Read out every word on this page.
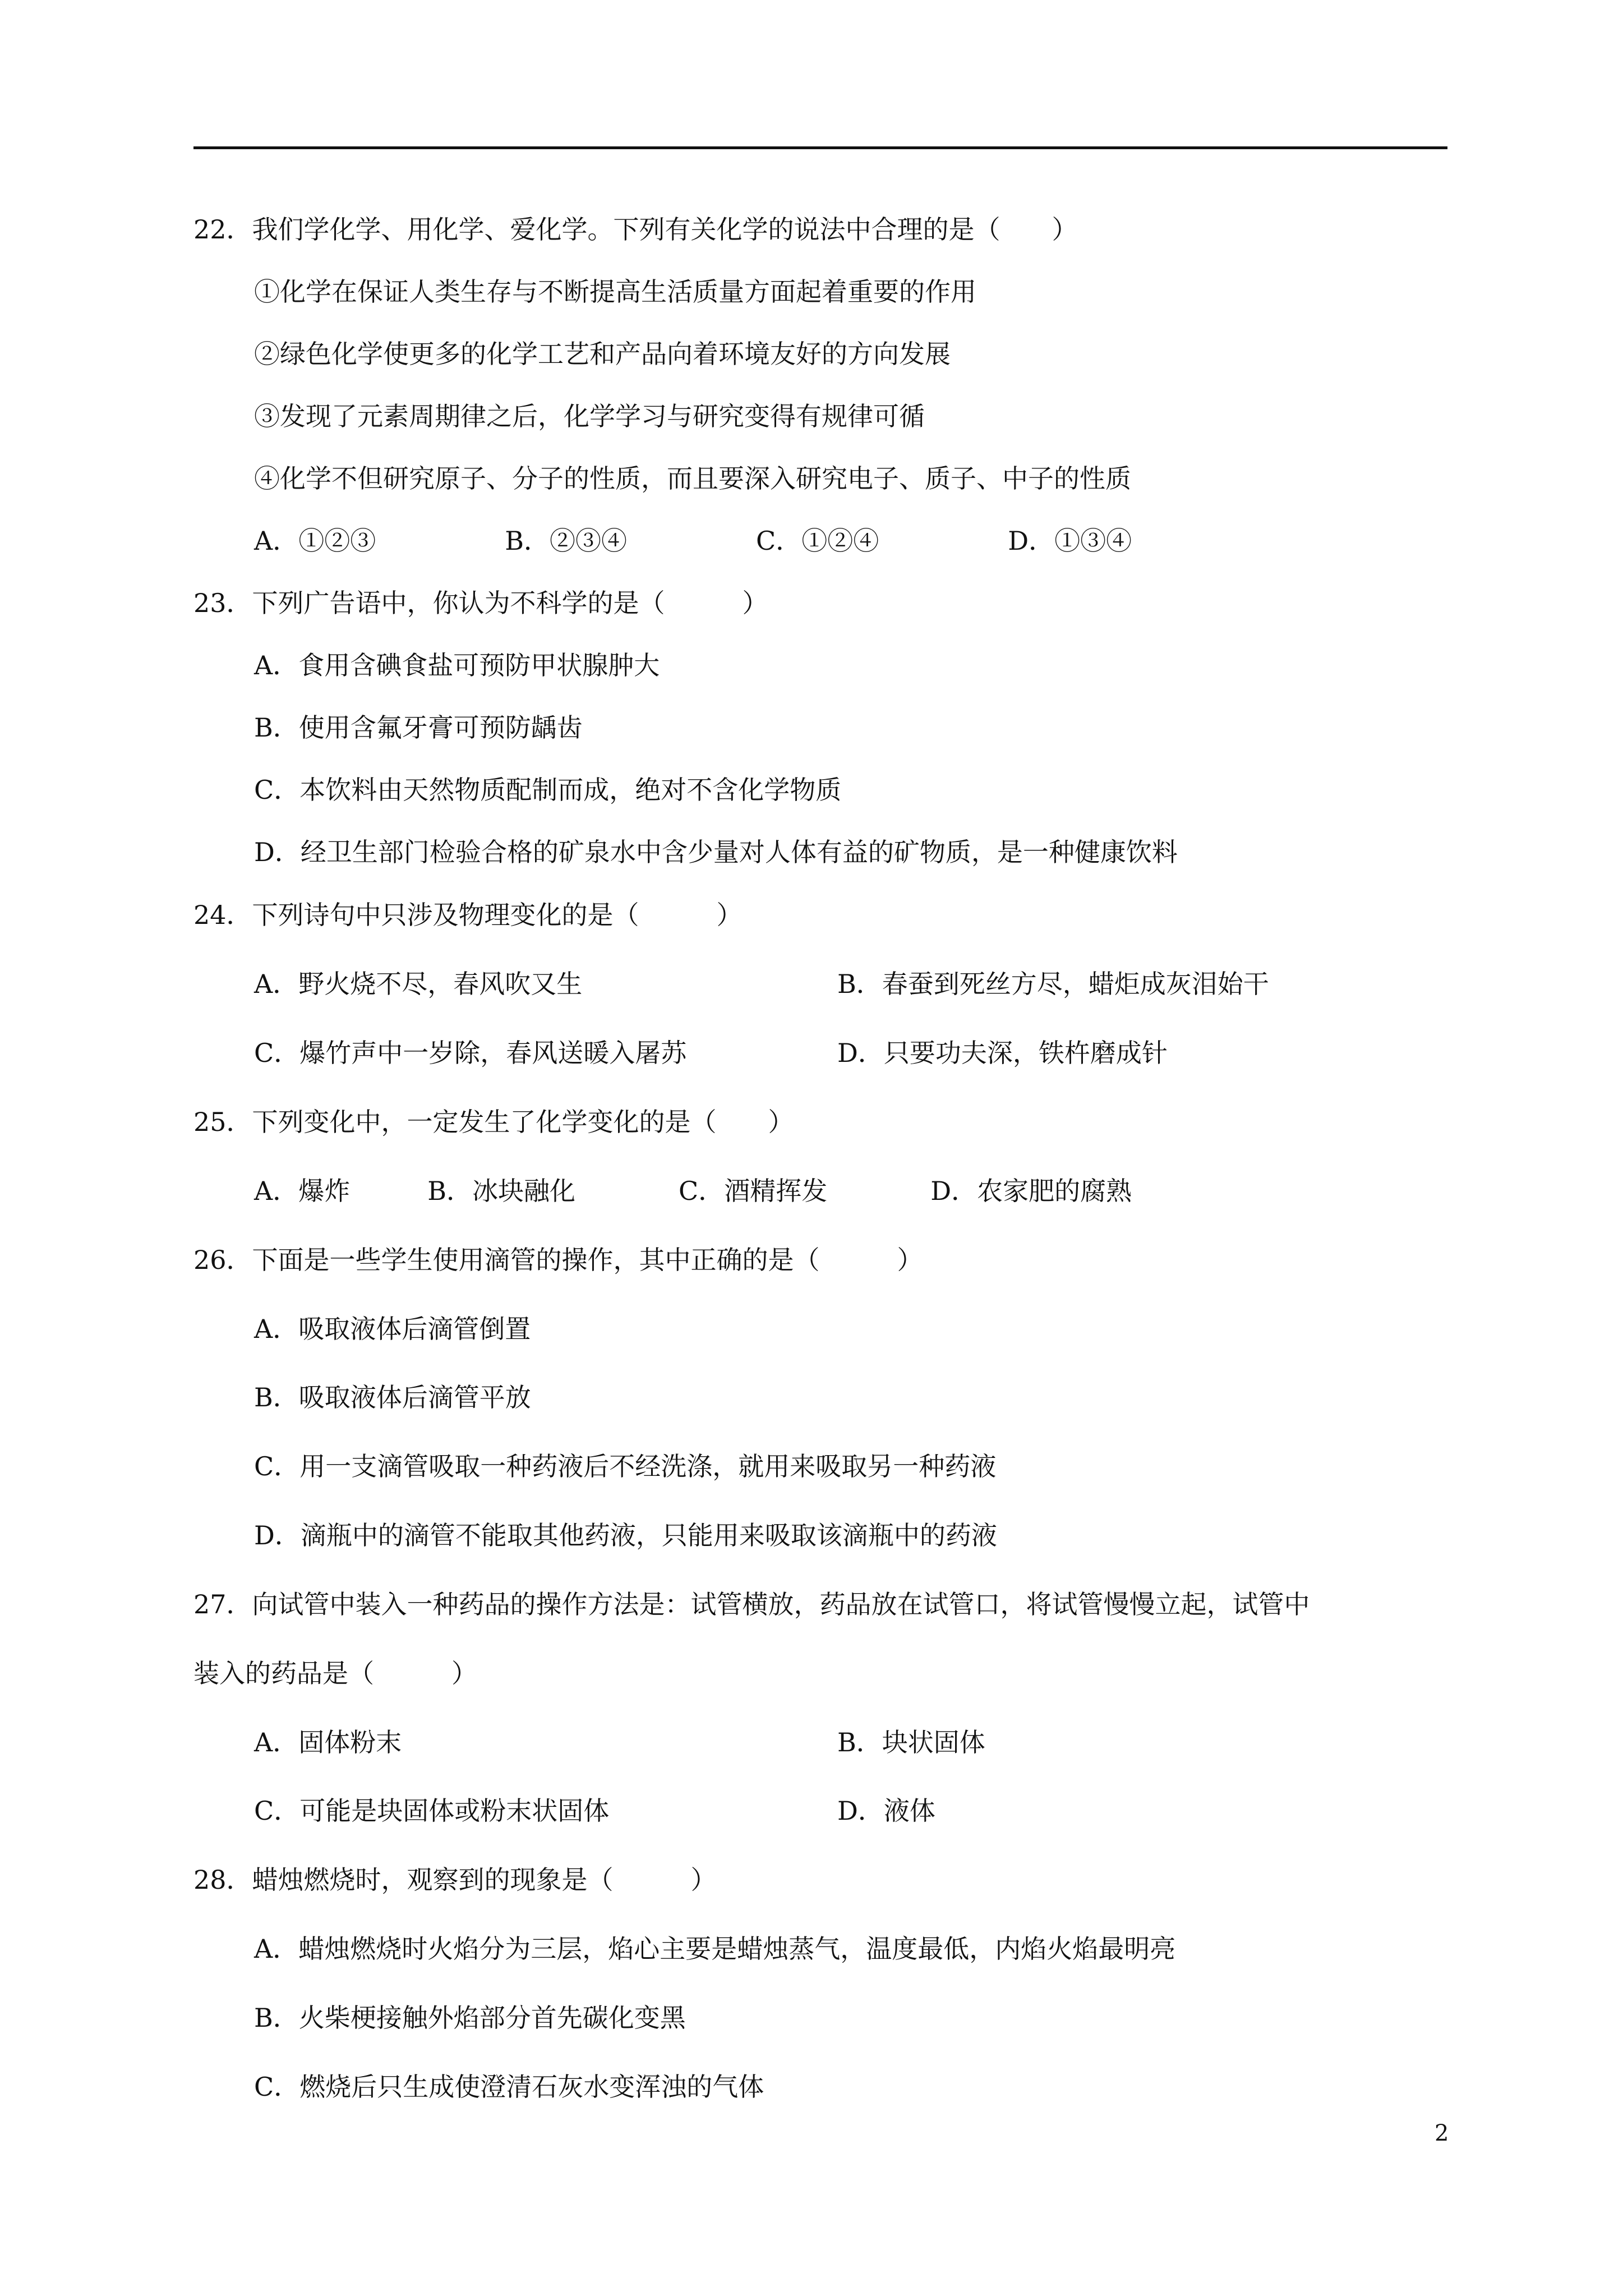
22．我们学化学、用化学、爱化学。下列有关化学的说法中合理的是（　　）
①化学在保证人类生存与不断提高生活质量方面起着重要的作用
②绿色化学使更多的化学工艺和产品向着环境友好的方向发展
③发现了元素周期律之后，化学学习与研究变得有规律可循
④化学不但研究原子、分子的性质，而且要深入研究电子、质子、中子的性质
A．①②③　　　　　B．②③④　　　　　C．①②④　　　　　D．①③④
23．下列广告语中，你认为不科学的是（　　　）
A．食用含碘食盐可预防甲状腺肿大
B．使用含氟牙膏可预防龋齿
C．本饮料由天然物质配制而成，绝对不含化学物质
D．经卫生部门检验合格的矿泉水中含少量对人体有益的矿物质，是一种健康饮料
24．下列诗句中只涉及物理变化的是（　　　）
A．野火烧不尽，春风吹又生	B．春蚕到死丝方尽，蜡炬成灰泪始干
C．爆竹声中一岁除，春风送暖入屠苏	D．只要功夫深，铁杵磨成针
25．下列变化中，一定发生了化学变化的是（　　）
A．爆炸　　　B．冰块融化　　　　C．酒精挥发　　　　D．农家肥的腐熟
26．下面是一些学生使用滴管的操作，其中正确的是（　　　）
A．吸取液体后滴管倒置
B．吸取液体后滴管平放
C．用一支滴管吸取一种药液后不经洗涤，就用来吸取另一种药液
D．滴瓶中的滴管不能取其他药液，只能用来吸取该滴瓶中的药液
27．向试管中装入一种药品的操作方法是：试管横放，药品放在试管口，将试管慢慢立起，试管中
装入的药品是（　　　）
A．固体粉末	B．块状固体
C．可能是块固体或粉末状固体	D．液体
28．蜡烛燃烧时，观察到的现象是（　　　）
A．蜡烛燃烧时火焰分为三层，焰心主要是蜡烛蒸气，温度最低，内焰火焰最明亮
B．火柴梗接触外焰部分首先碳化变黑
C．燃烧后只生成使澄清石灰水变浑浊的气体
2
